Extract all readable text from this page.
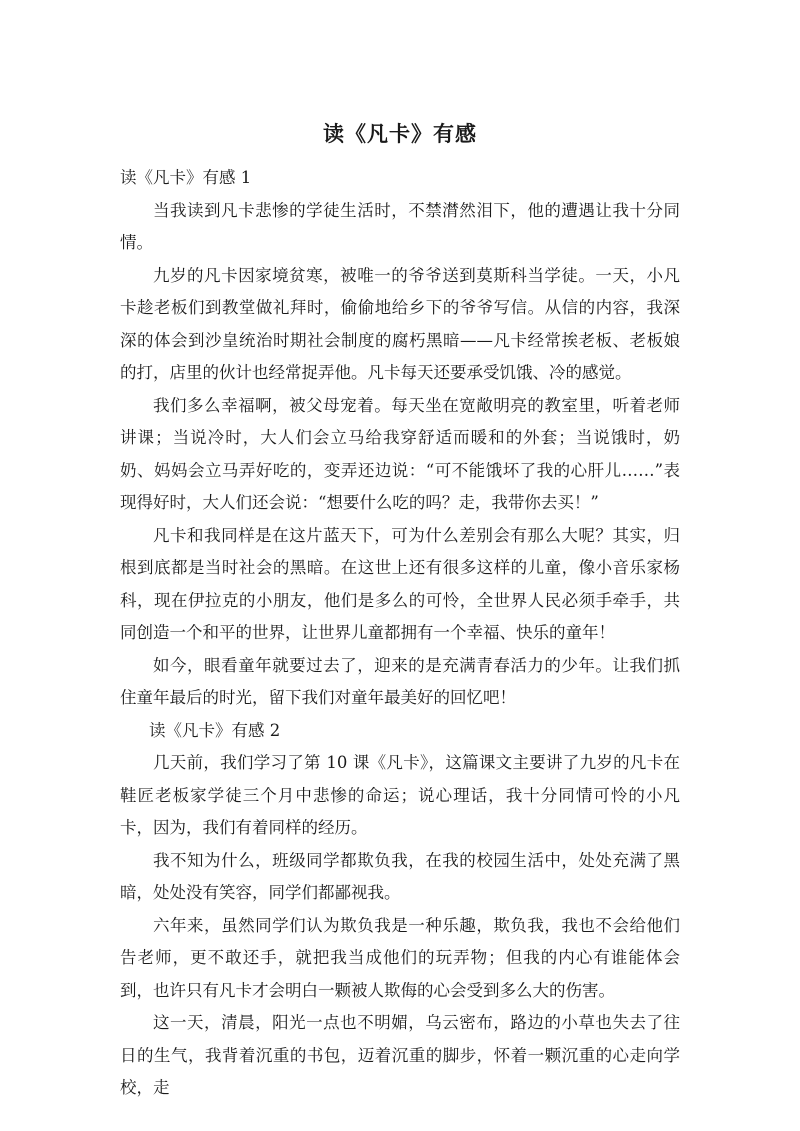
读《凡卡》有感

读《凡卡》有感 1

当我读到凡卡悲惨的学徒生活时，不禁潸然泪下，他的遭遇让我十分同情。

九岁的凡卡因家境贫寒，被唯一的爷爷送到莫斯科当学徒。一天，小凡卡趁老板们到教堂做礼拜时，偷偷地给乡下的爷爷写信。从信的内容，我深深的体会到沙皇统治时期社会制度的腐朽黑暗——凡卡经常挨老板、老板娘的打，店里的伙计也经常捉弄他。凡卡每天还要承受饥饿、冷的感觉。

我们多么幸福啊，被父母宠着。每天坐在宽敞明亮的教室里，听着老师讲课；当说冷时，大人们会立马给我穿舒适而暖和的外套；当说饿时，奶奶、妈妈会立马弄好吃的，变弄还边说：“可不能饿坏了我的心肝儿……”表现得好时，大人们还会说：“想要什么吃的吗？走，我带你去买！”

凡卡和我同样是在这片蓝天下，可为什么差别会有那么大呢？其实，归根到底都是当时社会的黑暗。在这世上还有很多这样的儿童，像小音乐家杨科，现在伊拉克的小朋友，他们是多么的可怜，全世界人民必须手牵手，共同创造一个和平的世界，让世界儿童都拥有一个幸福、快乐的童年！

如今，眼看童年就要过去了，迎来的是充满青春活力的少年。让我们抓住童年最后的时光，留下我们对童年最美好的回忆吧！

读《凡卡》有感 2

几天前，我们学习了第 10 课《凡卡》，这篇课文主要讲了九岁的凡卡在鞋匠老板家学徒三个月中悲惨的命运；说心理话，我十分同情可怜的小凡卡，因为，我们有着同样的经历。

我不知为什么，班级同学都欺负我，在我的校园生活中，处处充满了黑暗，处处没有笑容，同学们都鄙视我。

六年来，虽然同学们认为欺负我是一种乐趣，欺负我，我也不会给他们告老师，更不敢还手，就把我当成他们的玩弄物；但我的内心有谁能体会到，也许只有凡卡才会明白一颗被人欺侮的心会受到多么大的伤害。

这一天，清晨，阳光一点也不明媚，乌云密布，路边的小草也失去了往日的生气，我背着沉重的书包，迈着沉重的脚步，怀着一颗沉重的心走向学校，走
